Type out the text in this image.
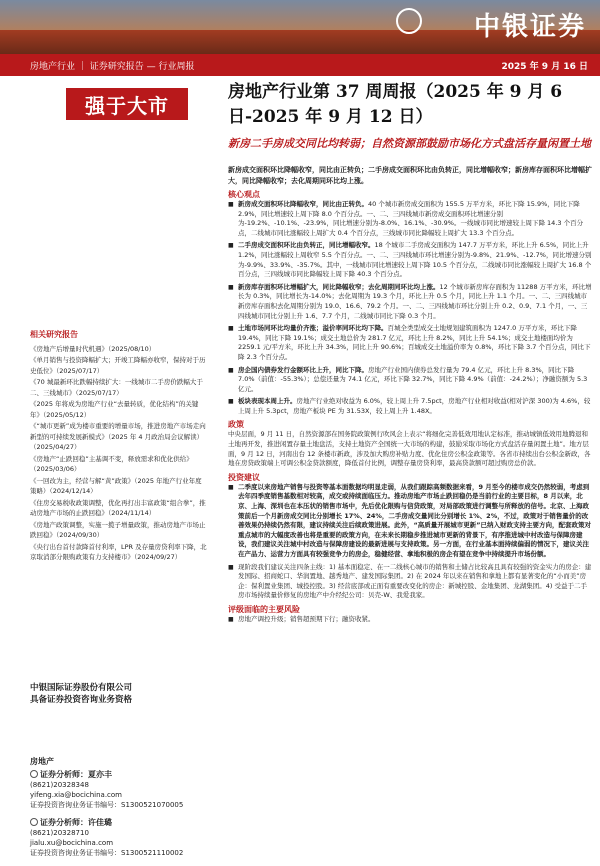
中银证券
房地产行业 ｜ 证券研究报告 — 行业周报	2025 年 9 月 16 日
强于大市
相关研究报告
《房地产后增量时代机遇》（2025/08/10）
《单月销售与投资降幅扩大；开竣工降幅亦收窄，保持对于历史低位》（2025/07/17）
《70 城最新环比跌幅持续扩大：一线城市二手房价跌幅大于二、三线城市》（2025/07/17）
《2025 年将成为房地产行业“去量转质，优化结构”的关键年》（2025/05/12）
《“城市更新”成为楼市重要的增量市场，推进房地产市场走向新型的可持续发展新模式》（2025 年 4 月政治局会议解读）（2025/04/27）
《房地产“止跌回稳”主基调不变，释放需求和优化供给》（2025/03/06）
《一回改为主，经营与解“黄”政策》（2025 年地产行业年度策略）（2024/12/14）
《住房交易税收政策调整，优化再打出丰富政策“组合拳”，推动房地产市场的止跌回稳》（2024/11/14）
《房地产政策调整，实施一揽子增量政策，推动房地产市场止跌回稳》（2024/09/30）
《央行出台首付款降首付利率，LPR 及存量房贷利率下降，北京取消部分限购政策有力支持楼市》（2024/09/27）
中银国际证券股份有限公司
具备证券投资咨询业务资格
房地产
证券分析师：夏亦丰
(8621)20328348
yifeng.xia@bocichina.com
证券投资咨询业务证书编号：S1300521070005
证券分析师：许佳璐
(8621)20328710
jialu.xu@bocichina.com
证券投资咨询业务证书编号：S1300521110002
房地产行业第 37 周周报（2025 年 9 月 6 日-2025 年 9 月 12 日）
新房二手房成交同比均转弱；自然资源部鼓励市场化方式盘活存量闲置土地
新房成交面积环比降幅收窄，同比由正转负；二手房成交面积环比由负转正，同比增幅收窄；新房库存面积环比增幅扩大，同比降幅收窄；去化周期同环比均上涨。
核心观点
■ 新房成交面积环比降幅收窄，同比由正转负。40 个城市新房成交面积为 155.5 万平方米，环比下降 15.9%，同比下降 2.9%，同比增速较上周下降 8.0 个百分点。一、二、三四线城市新房成交面积环比增速分别为-19.2%、-10.1%、-23.9%，同比增速分别为-8.0%、16.1%、-30.9%。一线城市同比增速较上周下降 14.3 个百分点，二线城市同比涨幅较上周扩大 0.4 个百分点，三线城市同比降幅较上周扩大 13.3 个百分点。
■ 二手房成交面积环比由负转正，同比增幅收窄。18 个城市二手房成交面积为 147.7 万平方米，环比上升 6.5%，同比上升 1.2%，同比涨幅较上周收窄 5.5 个百分点。一、二、三四线城市环比增速分别为-9.8%、21.9%、-12.7%，同比增速分别为-9.9%、33.9%、-35.7%。其中，一线城市同比增速较上周下降 10.5 个百分点，二线城市同比涨幅较上周扩大 16.8 个百分点，三四线城市同比降幅较上周下降 40.3 个百分点。
■ 新房库存面积环比增幅扩大，同比降幅收窄；去化周期同环比均上涨。12 个城市新房库存面积为 11288 万平方米，环比增长为 0.3%，同比增长为-14.0%；去化周期为 19.3 个月，环比上升 0.5 个月，同比上升 1.1 个月。一、二、三四线城市新房库存面积去化周期分别为 19.0、16.6、79.2 个月。一、二、三四线城市环比分别上升 0.2、0.9、7.1 个月，一、三四线城市同比分别上升 1.6、7.7 个月，二线城市同比下降 0.3 个月。
■ 土地市场同环比均量价齐涨；溢价率同环比均下降。百城全类型成交土地规划建筑面积为 1247.0 万平方米，环比下降 19.4%，同比下降 19.1%；成交土地总价为 281.7 亿元，环比上升 8.2%，同比上升 54.1%；成交土地楼面均价为 2259.1 元/平方米，环比上升 34.3%，同比上升 90.6%；百城成交土地溢价率为 0.8%，环比下降 3.7 个百分点，同比下降 2.3 个百分点。
■ 房企国内债券发行金额环比上升，同比下降。房地产行业国内债券总发行量为 79.4 亿元，环比上升 8.3%，同比下降 7.0%（前值：-55.3%）；总偿还量为 74.1 亿元，环比下降 32.7%，同比下降 4.9%（前值：-24.2%）；净融资额为 5.3 亿元。
■ 板块表现本周上升。房地产行业绝对收益为 6.0%，较上周上升 7.5pct，房地产行业相对收益(相对沪深 300)为 4.6%，较上周上升 5.3pct，房地产板块 PE 为 31.53X，较上周上升 1.48X。
政策
中央层面，9 月 11 日，自然资源部在国务院政策例行吹风会上表示“将细化完善低效用地认定标准，推动城镇低效用地腾退和土地再开发，推进闲置存量土地盘活，支持土地资产全国统一大市场的构建，鼓励采取市场化方式盘活存量闲置土地”。地方层面，9 月 12 日，河南出台 12 条楼市新政，涉及加大购房补贴力度、优化住房公积金政策等。各省市持续出台公积金新政，各地在房贷政策端上可调公积金贷款额度，降低首付比例，调整存量房贷利率，最高贷款额可超过购房总价款。
投资建议
■ 二季度以来房地产销售与投资等基本面数据均明显走弱，从我们跟踪高频数据来看，9 月至今的楼市成交仍然较弱，考虑到去年四季度销售基数相对较高，成交或持续面临压力。推动房地产市场止跌回稳仍是当前行业的主要目标，8 月以来，北京、上海、深圳也在本压状的销售市场中，先后优化限购与信贷政策，对局部政策进行调整与所释放的信号。北京、上海政策前后一个月新房成交同比分别增长 17%、24%，二手房成交量同比分别增长 1%、2%，不过，政策对于销售量价的改善效果仍持续仍然有限，建议持续关注后续政策进展。此外，“高质量开展城市更新”已纳入财政支持主要方向，配套政策对重点城市的大幅度改善也将是重要的政策方向，在未来长期稳步推进城市更新的背景下，有序推进城中村改造与保障房建设，我们建议关注城中村改造与保障房建设的最新进展与支持政策。另一方面，在行业基本面持续偏弱的情况下，建议关注在产品力、运营力方面具有较强竞争力的房企，稳健经营、拿地积极的房企有望在竞争中持续提升市场份额。
■ 现阶段我们建议关注四条主线：1) 基本面稳定、在一二线核心城市的销售和土储占比较高且具有较强的资金实力的房企：建发国际、招商蛇口、华润置地、越秀地产、建发国际集团。2) 在 2024 年以来在销售和拿地上都有显著变化的“小而美”房企：保利置业集团、城投控股。3) 经营底部或正面有重要改变化的房企：新城控股、金地集团、龙湖集团。4) 受益于二手房市场持续量价修复的房地产中介经纪公司：贝壳-W、我爱我家。
评级面临的主要风险
■ 房地产调控升级；销售超预期下行；融资收紧。
